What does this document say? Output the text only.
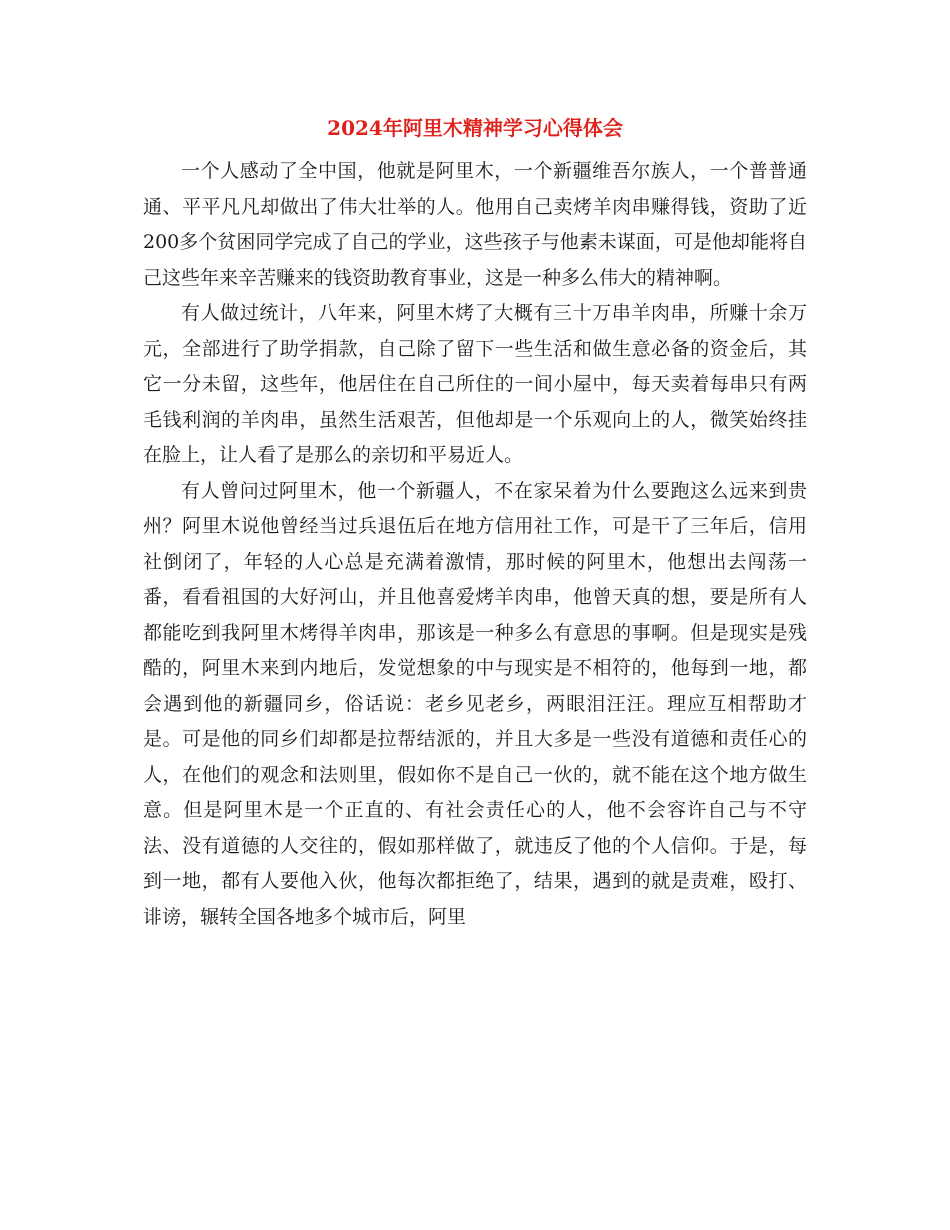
2024年阿里木精神学习心得体会

一个人感动了全中国，他就是阿里木，一个新疆维吾尔族人，一个普普通通、平平凡凡却做出了伟大壮举的人。他用自己卖烤羊肉串赚得钱，资助了近200多个贫困同学完成了自己的学业，这些孩子与他素未谋面，可是他却能将自己这些年来辛苦赚来的钱资助教育事业，这是一种多么伟大的精神啊。

有人做过统计，八年来，阿里木烤了大概有三十万串羊肉串，所赚十余万元，全部进行了助学捐款，自己除了留下一些生活和做生意必备的资金后，其它一分未留，这些年，他居住在自己所住的一间小屋中，每天卖着每串只有两毛钱利润的羊肉串，虽然生活艰苦，但他却是一个乐观向上的人，微笑始终挂在脸上，让人看了是那么的亲切和平易近人。

有人曾问过阿里木，他一个新疆人，不在家呆着为什么要跑这么远来到贵州？阿里木说他曾经当过兵退伍后在地方信用社工作，可是干了三年后，信用社倒闭了，年轻的人心总是充满着激情，那时候的阿里木，他想出去闯荡一番，看看祖国的大好河山，并且他喜爱烤羊肉串，他曾天真的想，要是所有人都能吃到我阿里木烤得羊肉串，那该是一种多么有意思的事啊。但是现实是残酷的，阿里木来到内地后，发觉想象的中与现实是不相符的，他每到一地，都会遇到他的新疆同乡，俗话说：老乡见老乡，两眼泪汪汪。理应互相帮助才是。可是他的同乡们却都是拉帮结派的，并且大多是一些没有道德和责任心的人，在他们的观念和法则里，假如你不是自己一伙的，就不能在这个地方做生意。但是阿里木是一个正直的、有社会责任心的人，他不会容许自己与不守法、没有道德的人交往的，假如那样做了，就违反了他的个人信仰。于是，每到一地，都有人要他入伙，他每次都拒绝了，结果，遇到的就是责难，殴打、诽谤，辗转全国各地多个城市后，阿里
